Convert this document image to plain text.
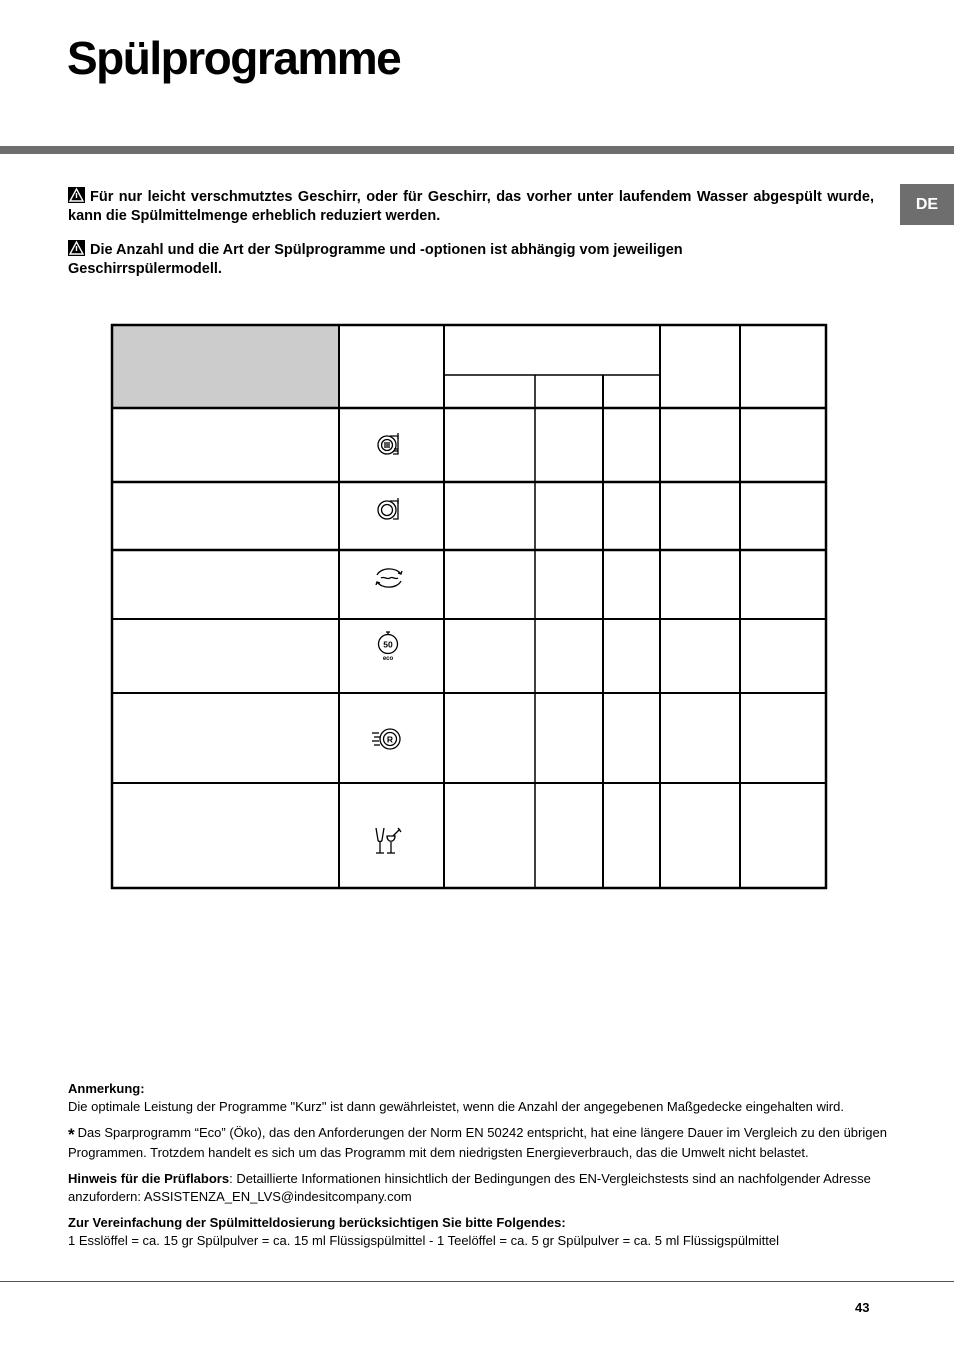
Spülprogramme
DE

Für nur leicht verschmutztes Geschirr, oder für Geschirr, das vorher unter laufendem Wasser abgespült wurde, kann die Spülmittelmenge erheblich reduziert werden.

Die Anzahl und die Art der Spülprogramme und -optionen ist abhängig vom jeweiligen Geschirrspülermodell.

50
eco
R

Anmerkung:
Die optimale Leistung der Programme "Kurz" ist dann gewährleistet, wenn die Anzahl der angegebenen Maßgedecke eingehalten wird.

* Das Sparprogramm “Eco” (Öko), das den Anforderungen der Norm EN 50242 entspricht, hat eine längere Dauer im Vergleich zu den übrigen Programmen. Trotzdem handelt es sich um das Programm mit dem niedrigsten Energieverbrauch, das die Umwelt nicht belastet.

Hinweis für die Prüflabors: Detaillierte Informationen hinsichtlich der Bedingungen des EN-Vergleichstests sind an nachfolgender Adresse anzufordern: ASSISTENZA_EN_LVS@indesitcompany.com

Zur Vereinfachung der Spülmitteldosierung berücksichtigen Sie bitte Folgendes:
1 Esslöffel = ca. 15 gr Spülpulver = ca. 15 ml Flüssigspülmittel - 1 Teelöffel = ca. 5 gr Spülpulver = ca. 5 ml Flüssigspülmittel

43
